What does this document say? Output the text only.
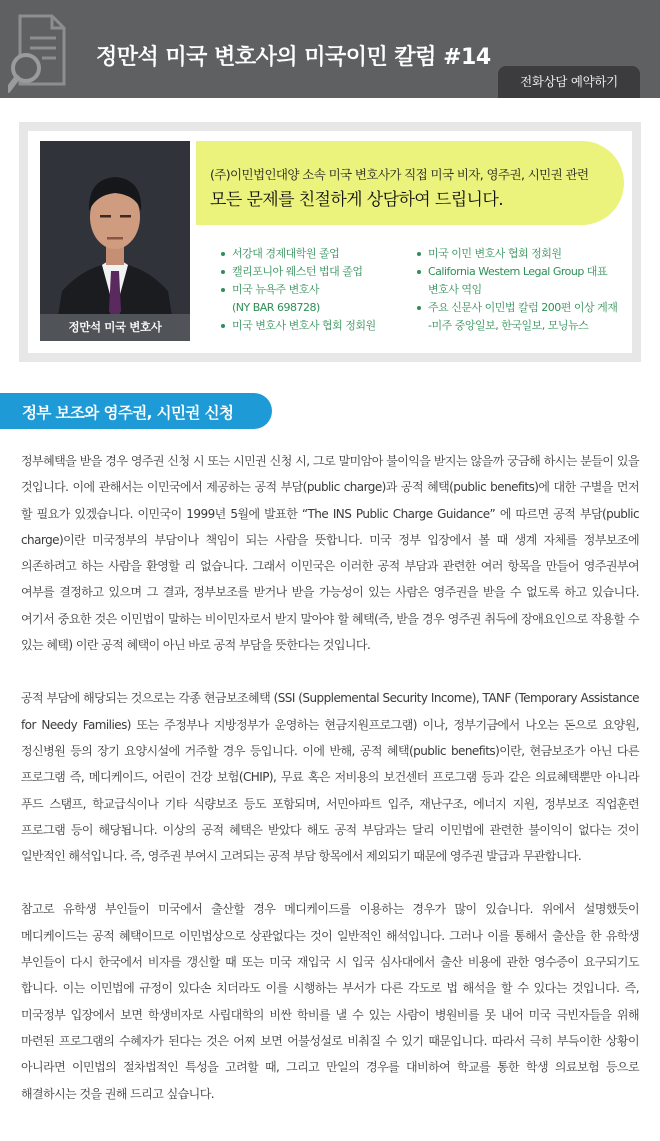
정만석 미국 변호사의 미국이민 칼럼 #14
전화상담 예약하기
정만석 미국 변호사
(주)이민법인대양 소속 미국 변호사가 직접 미국 비자, 영주권, 시민권 관련
모든 문제를 친절하게 상담하여 드립니다.
서강대 경제대학원 졸업
캘리포니아 웨스턴 법대 졸업
미국 뉴욕주 변호사
(NY BAR 698728)
미국 변호사 변호사 협회 정회원
미국 이민 변호사 협회 정회원
California Western Legal Group 대표
변호사 역임
주요 신문사 이민법 칼럼 200편 이상 게재
-미주 중앙일보, 한국일보, 모닝뉴스
정부 보조와 영주권, 시민권 신청

정부혜택을 받을 경우 영주권 신청 시 또는 시민권 신청 시, 그로 말미암아 불이익을 받지는 않을까 궁금해 하시는 분들이 있을 것입니다. 이에 관해서는 이민국에서 제공하는 공적 부담(public charge)과 공적 혜택(public benefits)에 대한 구별을 먼저 할 필요가 있겠습니다. 이민국이 1999년 5월에 발표한 “The INS Public Charge Guidance” 에 따르면 공적 부담(public charge)이란 미국정부의 부담이나 책임이 되는 사람을 뜻합니다. 미국 정부 입장에서 볼 때 생계 자체를 정부보조에 의존하려고 하는 사람을 환영할 리 없습니다. 그래서 이민국은 이러한 공적 부담과 관련한 여러 항목을 만들어 영주권부여 여부를 결정하고 있으며 그 결과, 정부보조를 받거나 받을 가능성이 있는 사람은 영주권을 받을 수 없도록 하고 있습니다. 여기서 중요한 것은 이민법이 말하는 비이민자로서 받지 말아야 할 혜택(즉, 받을 경우 영주권 취득에 장애요인으로 작용할 수 있는 혜택) 이란 공적 혜택이 아닌 바로 공적 부담을 뜻한다는 것입니다.

공적 부담에 해당되는 것으로는 각종 현금보조혜택 (SSI (Supplemental Security Income), TANF (Temporary Assistance for Needy Families) 또는 주정부나 지방정부가 운영하는 현금지원프로그램) 이나, 정부기금에서 나오는 돈으로 요양원, 정신병원 등의 장기 요양시설에 거주할 경우 등입니다. 이에 반해, 공적 혜택(public benefits)이란, 현금보조가 아닌 다른 프로그램 즉, 메디케이드, 어린이 건강 보험(CHIP), 무료 혹은 저비용의 보건센터 프로그램 등과 같은 의료혜택뿐만 아니라 푸드 스탬프, 학교급식이나 기타 식량보조 등도 포함되며, 서민아파트 입주, 재난구조, 에너지 지원, 정부보조 직업훈련 프로그램 등이 해당됩니다. 이상의 공적 혜택은 받았다 해도 공적 부담과는 달리 이민법에 관련한 불이익이 없다는 것이 일반적인 해석입니다. 즉, 영주권 부여시 고려되는 공적 부담 항목에서 제외되기 때문에 영주권 발급과 무관합니다.

참고로 유학생 부인들이 미국에서 출산할 경우 메디케이드를 이용하는 경우가 많이 있습니다. 위에서 설명했듯이 메디케이드는 공적 혜택이므로 이민법상으로 상관없다는 것이 일반적인 해석입니다. 그러나 이를 통해서 출산을 한 유학생 부인들이 다시 한국에서 비자를 갱신할 때 또는 미국 재입국 시 입국 심사대에서 출산 비용에 관한 영수증이 요구되기도 합니다. 이는 이민법에 규정이 있다손 치더라도 이를 시행하는 부서가 다른 각도로 법 해석을 할 수 있다는 것입니다. 즉, 미국정부 입장에서 보면 학생비자로 사립대학의 비싼 학비를 낼 수 있는 사람이 병원비를 못 내어 미국 극빈자들을 위해 마련된 프로그램의 수혜자가 된다는 것은 어찌 보면 어불성설로 비춰질 수 있기 때문입니다. 따라서 극히 부득이한 상황이 아니라면 이민법의 절차법적인 특성을 고려할 때, 그리고 만일의 경우를 대비하여 학교를 통한 학생 의료보험 등으로 해결하시는 것을 권해 드리고 싶습니다.
